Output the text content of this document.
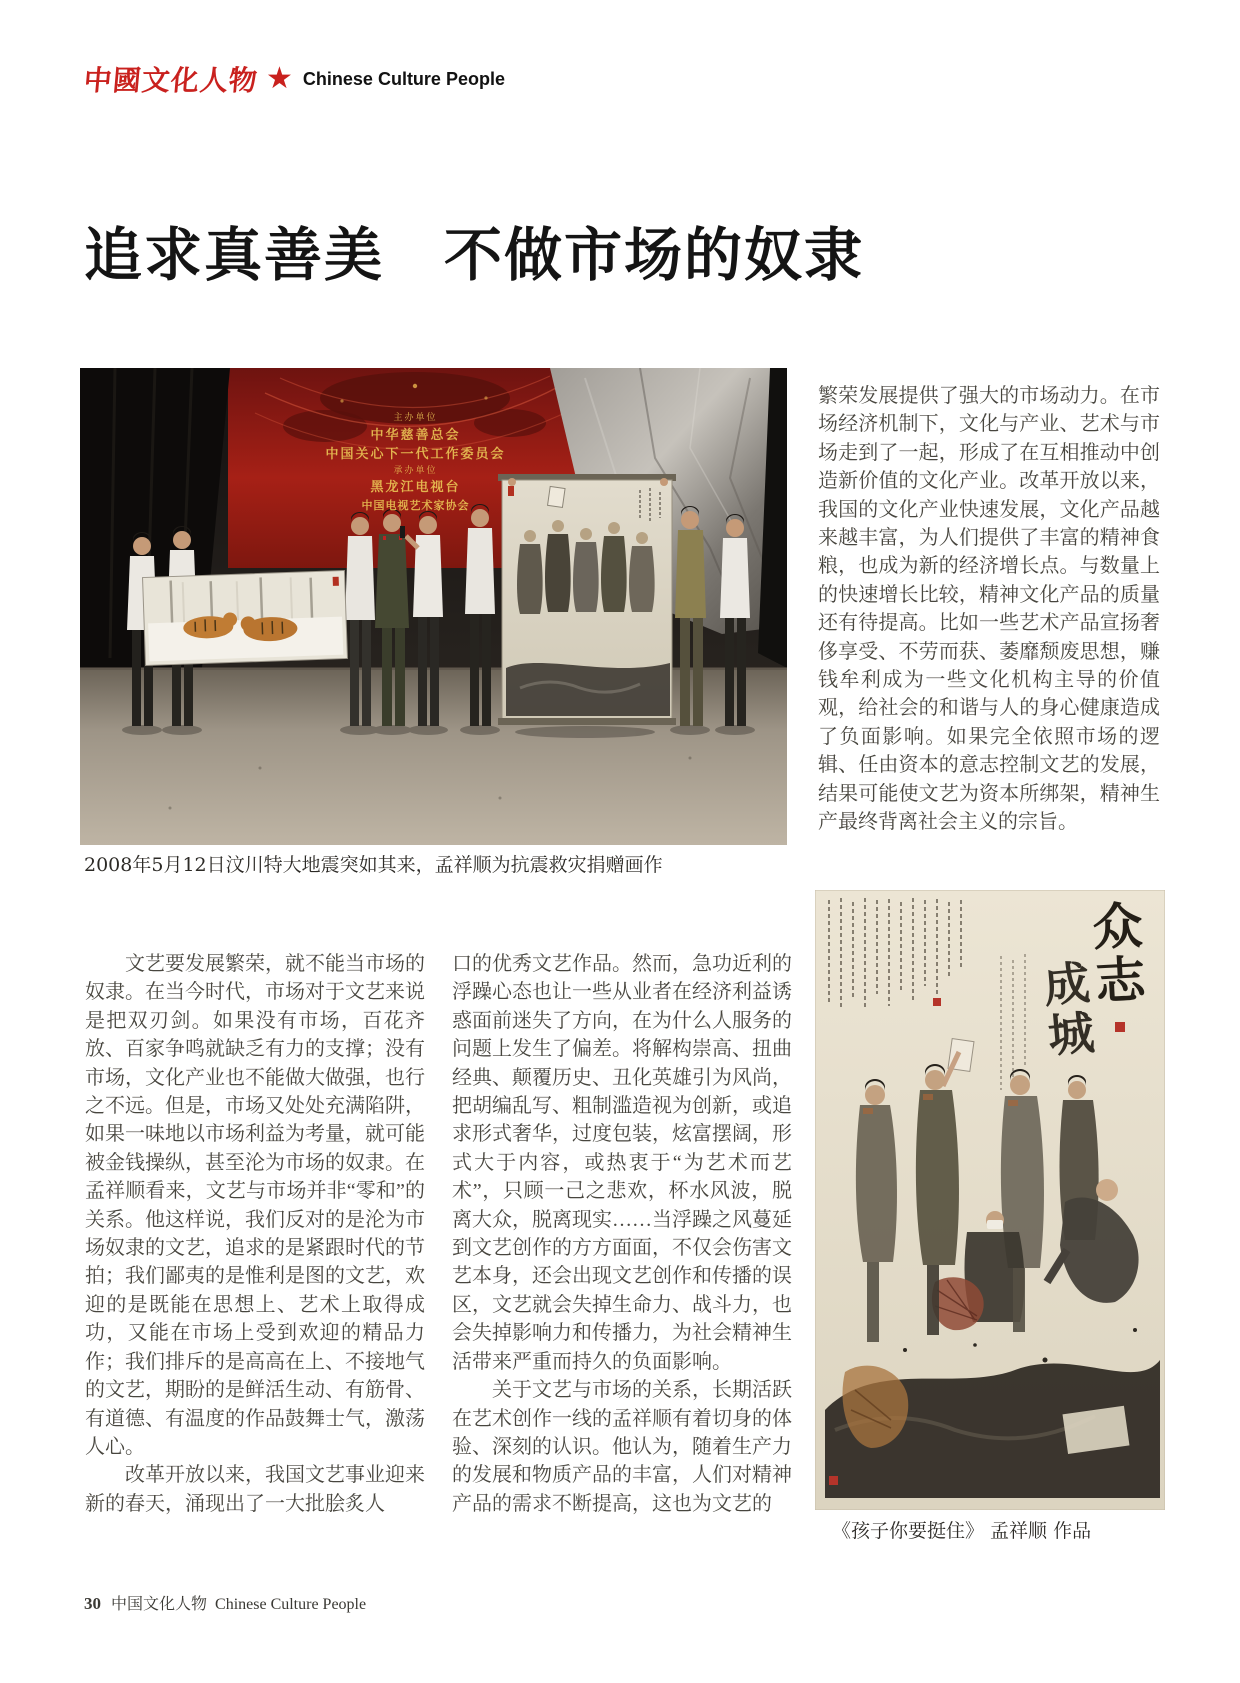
中國文化人物 ★ Chinese Culture People
追求真善美　不做市场的奴隶
主办单位
中华慈善总会
中国关心下一代工作委员会
承办单位
黑龙江电视台
中国电视艺术家协会
2008年5月12日汶川特大地震突如其来，孟祥顺为抗震救灾捐赠画作

繁荣发展提供了强大的市场动力。在市场经济机制下，文化与产业、艺术与市场走到了一起，形成了在互相推动中创造新价值的文化产业。改革开放以来，我国的文化产业快速发展，文化产品越来越丰富，为人们提供了丰富的精神食粮，也成为新的经济增长点。与数量上的快速增长比较，精神文化产品的质量还有待提高。比如一些艺术产品宣扬奢侈享受、不劳而获、萎靡颓废思想，赚钱牟利成为一些文化机构主导的价值观，给社会的和谐与人的身心健康造成了负面影响。如果完全依照市场的逻辑、任由资本的意志控制文艺的发展，结果可能使文艺为资本所绑架，精神生产最终背离社会主义的宗旨。

文艺要发展繁荣，就不能当市场的奴隶。在当今时代，市场对于文艺来说是把双刃剑。如果没有市场，百花齐放、百家争鸣就缺乏有力的支撑；没有市场，文化产业也不能做大做强，也行之不远。但是，市场又处处充满陷阱，如果一味地以市场利益为考量，就可能被金钱操纵，甚至沦为市场的奴隶。在孟祥顺看来，文艺与市场并非“零和”的关系。他这样说，我们反对的是沦为市场奴隶的文艺，追求的是紧跟时代的节拍；我们鄙夷的是惟利是图的文艺，欢迎的是既能在思想上、艺术上取得成功，又能在市场上受到欢迎的精品力作；我们排斥的是高高在上、不接地气的文艺，期盼的是鲜活生动、有筋骨、有道德、有温度的作品鼓舞士气，激荡人心。

改革开放以来，我国文艺事业迎来新的春天，涌现出了一大批脍炙人

口的优秀文艺作品。然而，急功近利的浮躁心态也让一些从业者在经济利益诱惑面前迷失了方向，在为什么人服务的问题上发生了偏差。将解构崇高、扭曲经典、颠覆历史、丑化英雄引为风尚，把胡编乱写、粗制滥造视为创新，或追求形式奢华，过度包装，炫富摆阔，形式大于内容，或热衷于“为艺术而艺术”，只顾一己之悲欢，杯水风波，脱离大众，脱离现实……当浮躁之风蔓延到文艺创作的方方面面，不仅会伤害文艺本身，还会出现文艺创作和传播的误区，文艺就会失掉生命力、战斗力，也会失掉影响力和传播力，为社会精神生活带来严重而持久的负面影响。

关于文艺与市场的关系，长期活跃在艺术创作一线的孟祥顺有着切身的体验、深刻的认识。他认为，随着生产力的发展和物质产品的丰富，人们对精神产品的需求不断提高，这也为文艺的

众志
成城
《孩子你要挺住》 孟祥顺 作品
30 中国文化人物 Chinese Culture People
